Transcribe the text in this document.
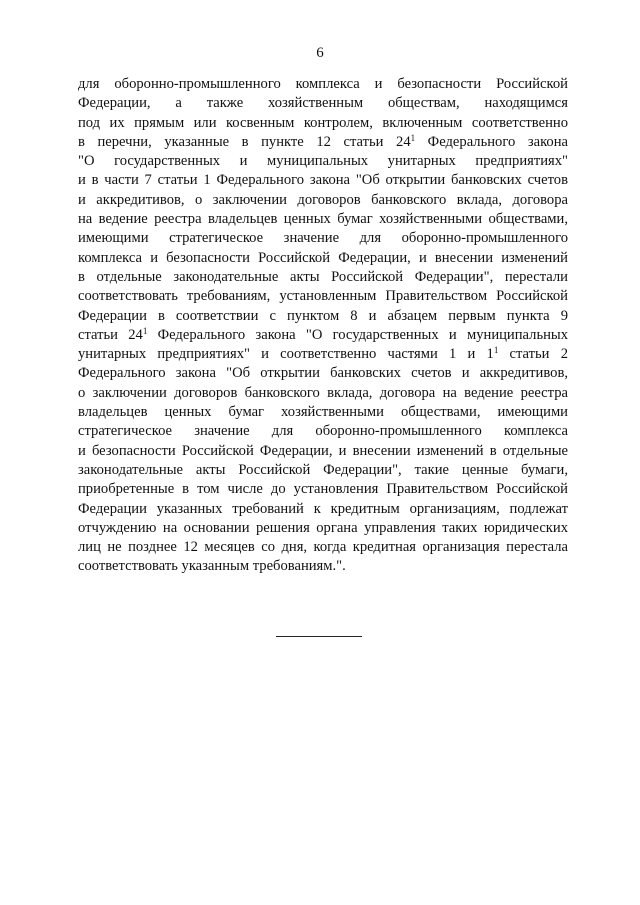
6
для оборонно-промышленного комплекса и безопасности Российской
Федерации, а также хозяйственным обществам, находящимся
под их прямым или косвенным контролем, включенным соответственно
в перечни, указанные в пункте 12 статьи $24^1$ Федерального закона
"О государственных и муниципальных унитарных предприятиях"
и в части 7 статьи 1 Федерального закона "Об открытии банковских счетов
и аккредитивов, о заключении договоров банковского вклада, договора
на ведение реестра владельцев ценных бумаг хозяйственными обществами,
имеющими стратегическое значение для оборонно-промышленного
комплекса и безопасности Российской Федерации, и внесении изменений
в отдельные законодательные акты Российской Федерации", перестали
соответствовать требованиям, установленным Правительством Российской
Федерации в соответствии с пунктом 8 и абзацем первым пункта 9
статьи $24^1$ Федерального закона "О государственных и муниципальных
унитарных предприятиях" и соответственно частями 1 и $1^1$ статьи 2
Федерального закона "Об открытии банковских счетов и аккредитивов,
о заключении договоров банковского вклада, договора на ведение реестра
владельцев ценных бумаг хозяйственными обществами, имеющими
стратегическое значение для оборонно-промышленного комплекса
и безопасности Российской Федерации, и внесении изменений в отдельные
законодательные акты Российской Федерации", такие ценные бумаги,
приобретенные в том числе до установления Правительством Российской
Федерации указанных требований к кредитным организациям, подлежат
отчуждению на основании решения органа управления таких юридических
лиц не позднее 12 месяцев со дня, когда кредитная организация перестала
соответствовать указанным требованиям.".
